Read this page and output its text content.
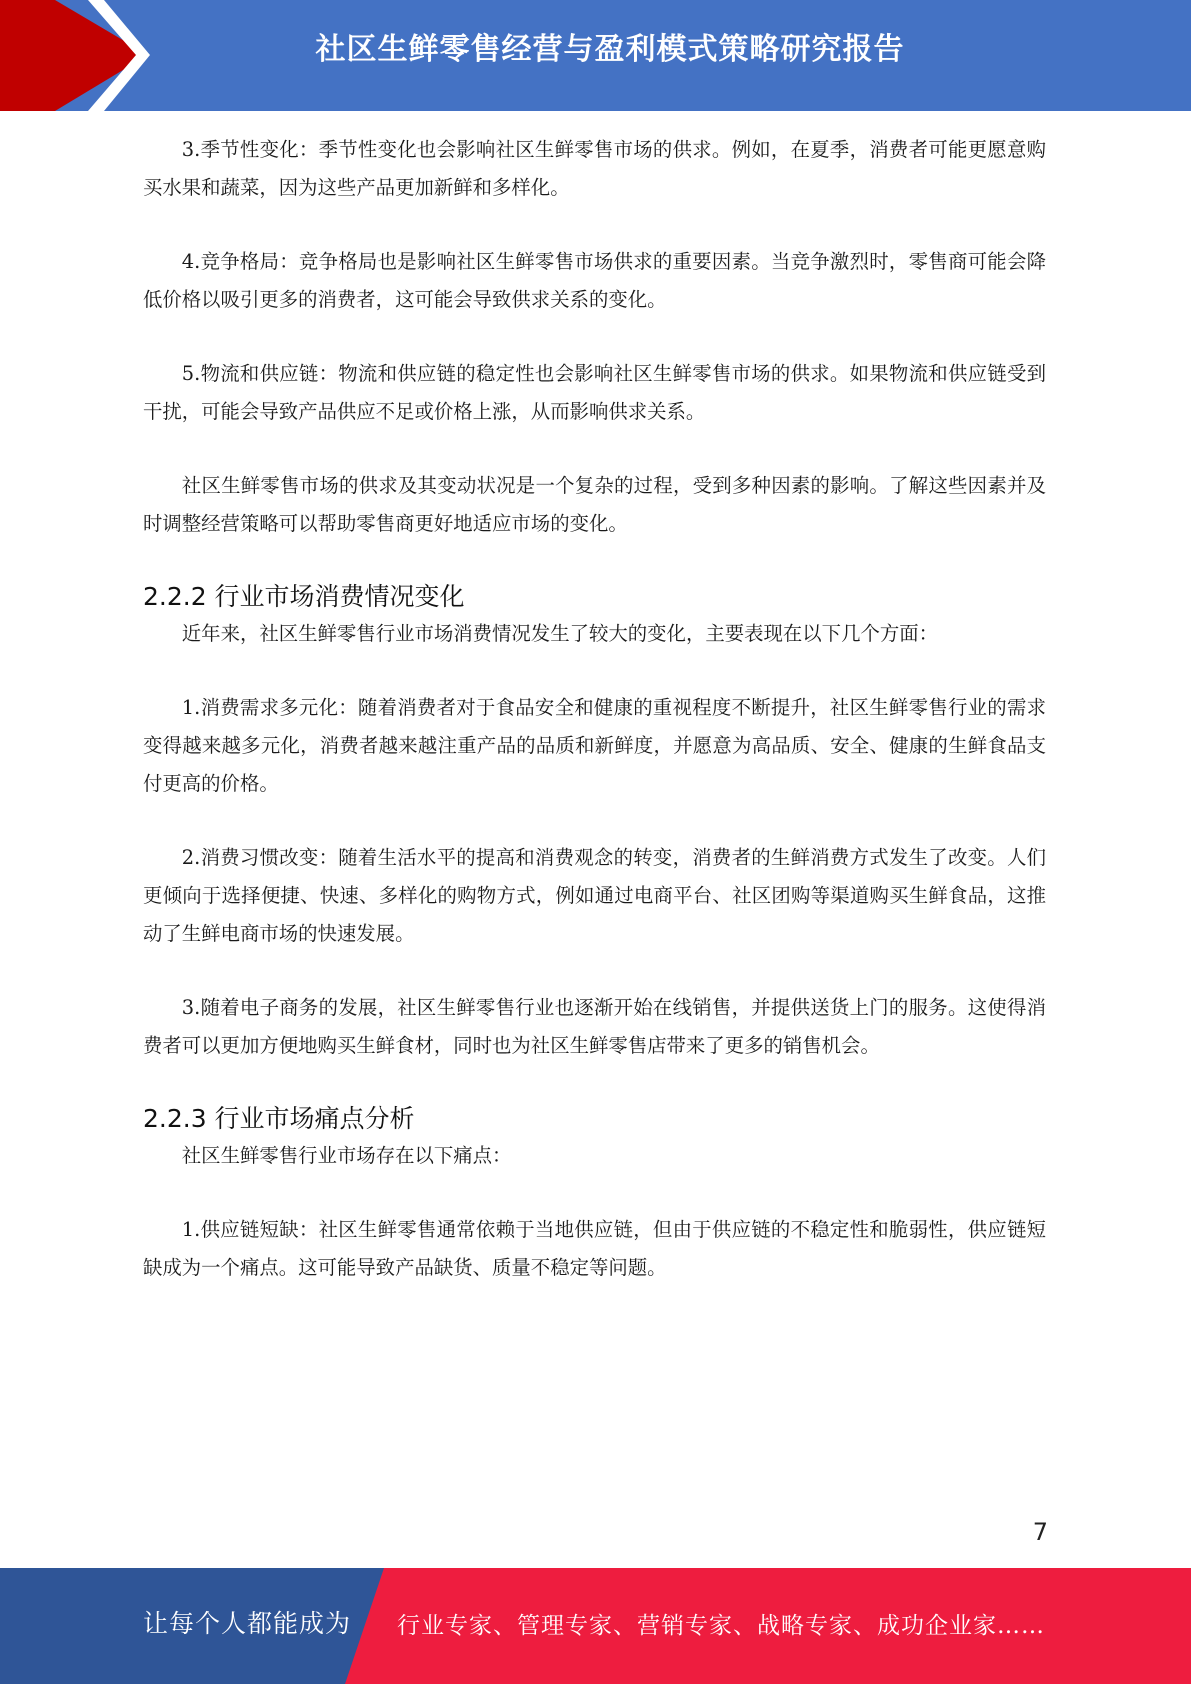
社区生鲜零售经营与盈利模式策略研究报告

3.季节性变化：季节性变化也会影响社区生鲜零售市场的供求。例如，在夏季，消费者可能更愿意购买水果和蔬菜，因为这些产品更加新鲜和多样化。

4.竞争格局：竞争格局也是影响社区生鲜零售市场供求的重要因素。当竞争激烈时，零售商可能会降低价格以吸引更多的消费者，这可能会导致供求关系的变化。

5.物流和供应链：物流和供应链的稳定性也会影响社区生鲜零售市场的供求。如果物流和供应链受到干扰，可能会导致产品供应不足或价格上涨，从而影响供求关系。

社区生鲜零售市场的供求及其变动状况是一个复杂的过程，受到多种因素的影响。了解这些因素并及时调整经营策略可以帮助零售商更好地适应市场的变化。

2.2.2 行业市场消费情况变化

近年来，社区生鲜零售行业市场消费情况发生了较大的变化，主要表现在以下几个方面：

1.消费需求多元化：随着消费者对于食品安全和健康的重视程度不断提升，社区生鲜零售行业的需求变得越来越多元化，消费者越来越注重产品的品质和新鲜度，并愿意为高品质、安全、健康的生鲜食品支付更高的价格。

2.消费习惯改变：随着生活水平的提高和消费观念的转变，消费者的生鲜消费方式发生了改变。人们更倾向于选择便捷、快速、多样化的购物方式，例如通过电商平台、社区团购等渠道购买生鲜食品，这推动了生鲜电商市场的快速发展。

3.随着电子商务的发展，社区生鲜零售行业也逐渐开始在线销售，并提供送货上门的服务。这使得消费者可以更加方便地购买生鲜食材，同时也为社区生鲜零售店带来了更多的销售机会。

2.2.3 行业市场痛点分析

社区生鲜零售行业市场存在以下痛点：

1.供应链短缺：社区生鲜零售通常依赖于当地供应链，但由于供应链的不稳定性和脆弱性，供应链短缺成为一个痛点。这可能导致产品缺货、质量不稳定等问题。

7
让每个人都能成为 行业专家、管理专家、营销专家、战略专家、成功企业家……
